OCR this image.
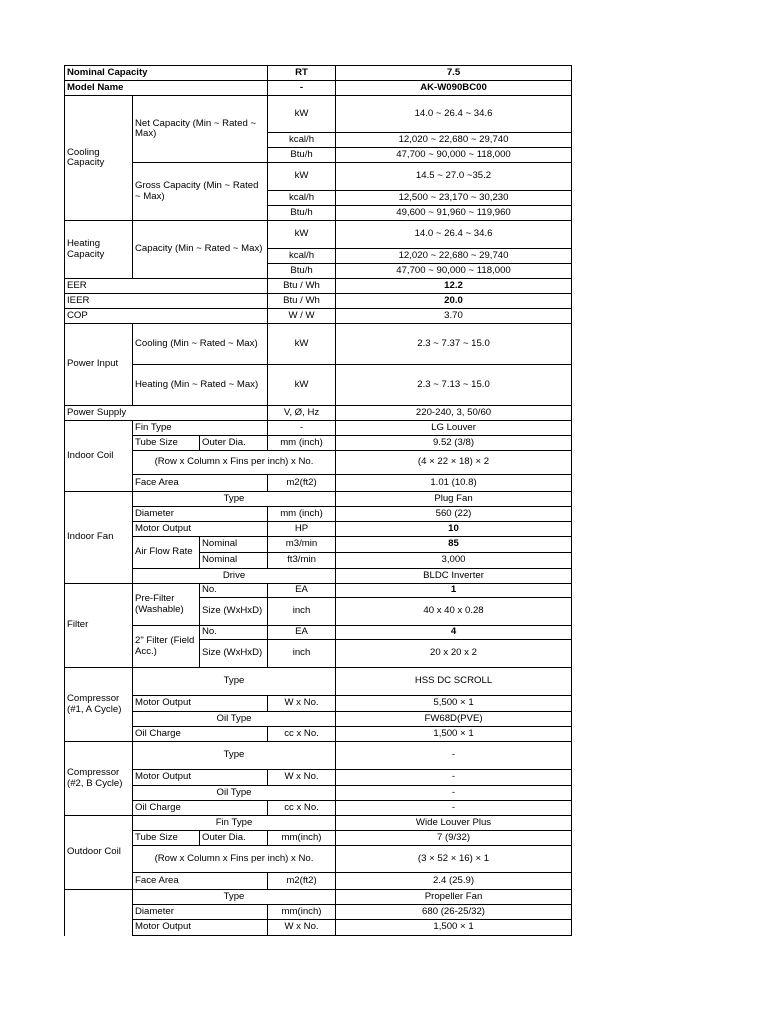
Nominal Capacity			RT	7.5
Model Name			-	AK-W090BC00
Cooling Capacity	Net Capacity (Min ~ Rated ~ Max)		kW	14.0 ~ 26.4 ~ 34.6
			kcal/h	12,020 ~ 22,680 ~ 29,740
			Btu/h	47,700 ~ 90,000 ~ 118,000
	Gross Capacity (Min ~ Rated ~ Max)		kW	14.5 ~ 27.0 ~35.2
			kcal/h	12,500 ~ 23,170 ~ 30,230
			Btu/h	49,600 ~ 91,960 ~ 119,960
Heating Capacity	Capacity (Min ~ Rated ~ Max)		kW	14.0 ~ 26.4 ~ 34.6
			kcal/h	12,020 ~ 22,680 ~ 29,740
			Btu/h	47,700 ~ 90,000 ~ 118,000
EER			Btu / Wh	12.2
IEER			Btu / Wh	20.0
COP			W / W	3.70
Power Input	Cooling (Min ~ Rated ~ Max)		kW	2.3 ~ 7.37 ~ 15.0
	Heating (Min ~ Rated ~ Max)		kW	2.3 ~ 7.13 ~ 15.0
Power Supply			V, Ø, Hz	220-240, 3, 50/60
Indoor Coil	Fin Type		-	LG Louver
	Tube Size	Outer Dia.	mm (inch)	9.52 (3/8)
	(Row x Column x Fins per inch) x No.			(4 × 22 × 18) × 2
	Face Area		m2(ft2)	1.01 (10.8)
Indoor Fan	Type			Plug Fan
	Diameter		mm (inch)	560 (22)
	Motor Output		HP	10
	Air Flow Rate	Nominal	m3/min	85
		Nominal	ft3/min	3,000
	Drive			BLDC Inverter
Filter	Pre-Filter (Washable)	No.	EA	1
		Size (WxHxD)	inch	40 x 40 x 0.28
	2" Filter (Field Acc.)	No.	EA	4
		Size (WxHxD)	inch	20 x 20 x 2
Compressor (#1, A Cycle)	Type			HSS DC SCROLL
	Motor Output		W x No.	5,500 × 1
	Oil Type			FW68D(PVE)
	Oil Charge		cc x No.	1,500 × 1
Compressor (#2, B Cycle)	Type			-
	Motor Output		W x No.	-
	Oil Type			-
	Oil Charge		cc x No.	-
Outdoor Coil	Fin Type			Wide Louver Plus
	Tube Size	Outer Dia.	mm(inch)	7 (9/32)
	(Row x Column x Fins per inch) x No.			(3 × 52 × 16) × 1
	Face Area		m2(ft2)	2.4 (25.9)
	Type			Propeller Fan
	Diameter		mm(inch)	680 (26-25/32)
	Motor Output		W x No.	1,500 × 1
